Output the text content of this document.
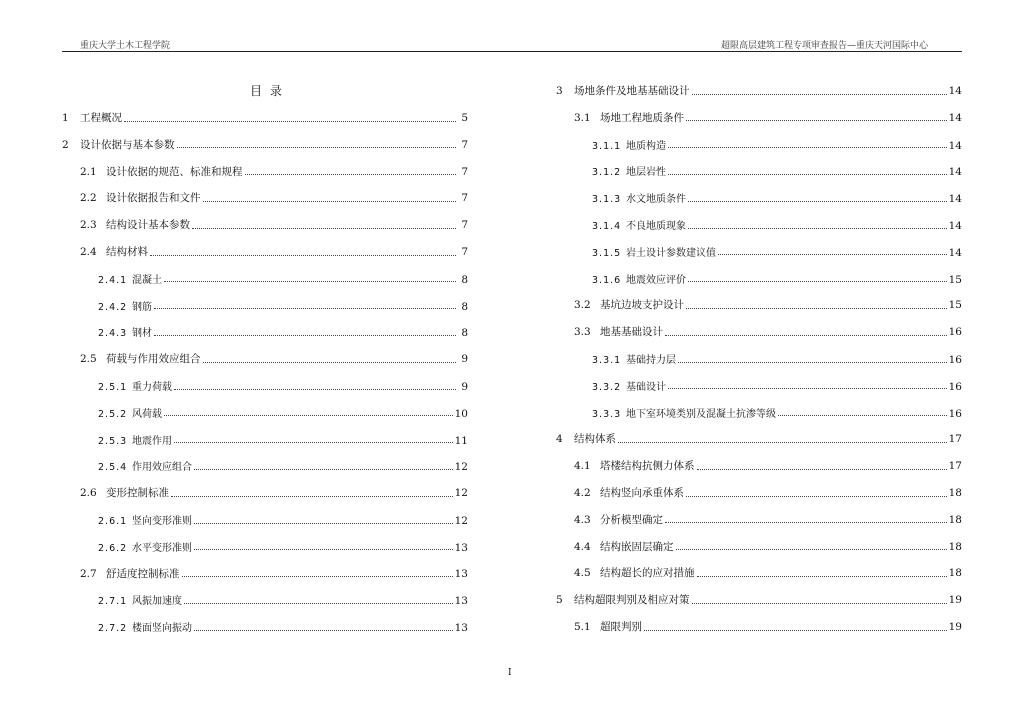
重庆大学土木工程学院	超限高层建筑工程专项审查报告—重庆天河国际中心
目 录
1	工程概况	5
2	设计依据与基本参数	7
2.1 设计依据的规范、标准和规程	7
2.2 设计依据报告和文件	7
2.3 结构设计基本参数	7
2.4 结构材料	7
2.4.1 混凝土	8
2.4.2 钢筋	8
2.4.3 钢材	8
2.5 荷载与作用效应组合	9
2.5.1 重力荷载	9
2.5.2 风荷载	10
2.5.3 地震作用	11
2.5.4 作用效应组合	12
2.6 变形控制标准	12
2.6.1 竖向变形准则	12
2.6.2 水平变形准则	13
2.7 舒适度控制标准	13
2.7.1 风振加速度	13
2.7.2 楼面竖向振动	13
3	场地条件及地基基础设计	14
3.1 场地工程地质条件	14
3.1.1 地质构造	14
3.1.2 地层岩性	14
3.1.3 水文地质条件	14
3.1.4 不良地质现象	14
3.1.5 岩土设计参数建议值	14
3.1.6 地震效应评价	15
3.2 基坑边坡支护设计	15
3.3 地基基础设计	16
3.3.1 基础持力层	16
3.3.2 基础设计	16
3.3.3 地下室环境类别及混凝土抗渗等级	16
4	结构体系	17
4.1 塔楼结构抗侧力体系	17
4.2 结构竖向承重体系	18
4.3 分析模型确定	18
4.4 结构嵌固层确定	18
4.5 结构超长的应对措施	18
5	结构超限判别及相应对策	19
5.1 超限判别	19
I
